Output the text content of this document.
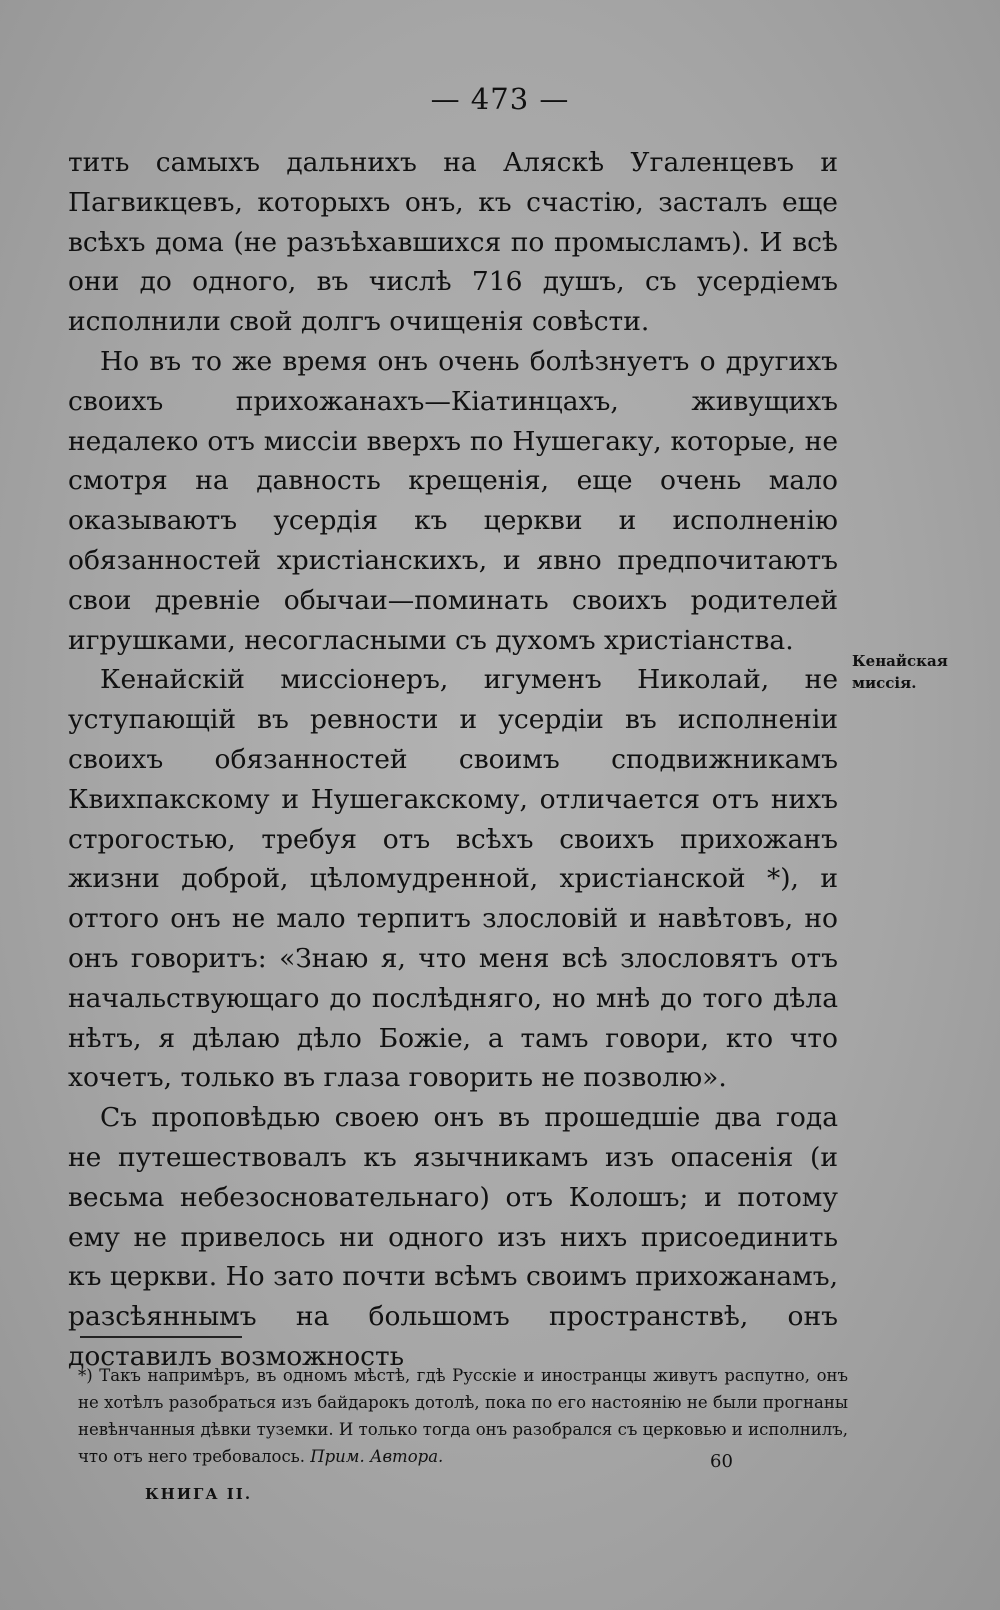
— 473 —

тить самыхъ дальнихъ на Аляскѣ Угаленцевъ и Пагвикцевъ, которыхъ онъ, къ счастію, засталъ еще всѣхъ дома (не разъѣхавшихся по промысламъ). И всѣ они до одного, въ числѣ 716 душъ, съ усердіемъ исполнили свой долгъ очищенія совѣсти.

Но въ то же время онъ очень болѣзнуетъ о другихъ своихъ прихожанахъ—Кіатинцахъ, живущихъ недалеко отъ миссіи вверхъ по Нушегаку, которые, не смотря на давность крещенія, еще очень мало оказываютъ усердія къ церкви и исполненію обязанностей христіанскихъ, и явно предпочитаютъ свои древніе обычаи—поминать своихъ родителей игрушками, несогласными съ духомъ христіанства.

Кенайскій миссіонеръ, игуменъ Николай, не уступающій въ ревности и усердіи въ исполненіи своихъ обязанностей своимъ сподвижникамъ Квихпакскому и Нушегакскому, отличается отъ нихъ строгостью, требуя отъ всѣхъ своихъ прихожанъ жизни доброй, цѣломудренной, христіанской *), и оттого онъ не мало терпитъ злословій и навѣтовъ, но онъ говоритъ: «Знаю я, что меня всѣ злословятъ отъ начальствующаго до послѣдняго, но мнѣ до того дѣла нѣтъ, я дѣлаю дѣло Божіе, а тамъ говори, кто что хочетъ, только въ глаза говорить не позволю».

Съ проповѣдью своею онъ въ прошедшіе два года не путешествовалъ къ язычникамъ изъ опасенія (и весьма небезосновательнаго) отъ Колошъ; и потому ему не привелось ни одного изъ нихъ присоединить къ церкви. Но зато почти всѣмъ своимъ прихожанамъ, разсѣяннымъ на большомъ пространствѣ, онъ доставилъ возможность

Кенайская миссія.
*) Такъ напримѣръ, въ одномъ мѣстѣ, гдѣ Русскіе и иностранцы живутъ распутно, онъ не хотѣлъ разобраться изъ байдарокъ дотолѣ, пока по его настоянію не были прогнаны невѣнчанныя дѣвки туземки. И только тогда онъ разобрался съ церковью и исполнилъ, что отъ него требовалось. Прим. Автора.	60
КНИГА II.
